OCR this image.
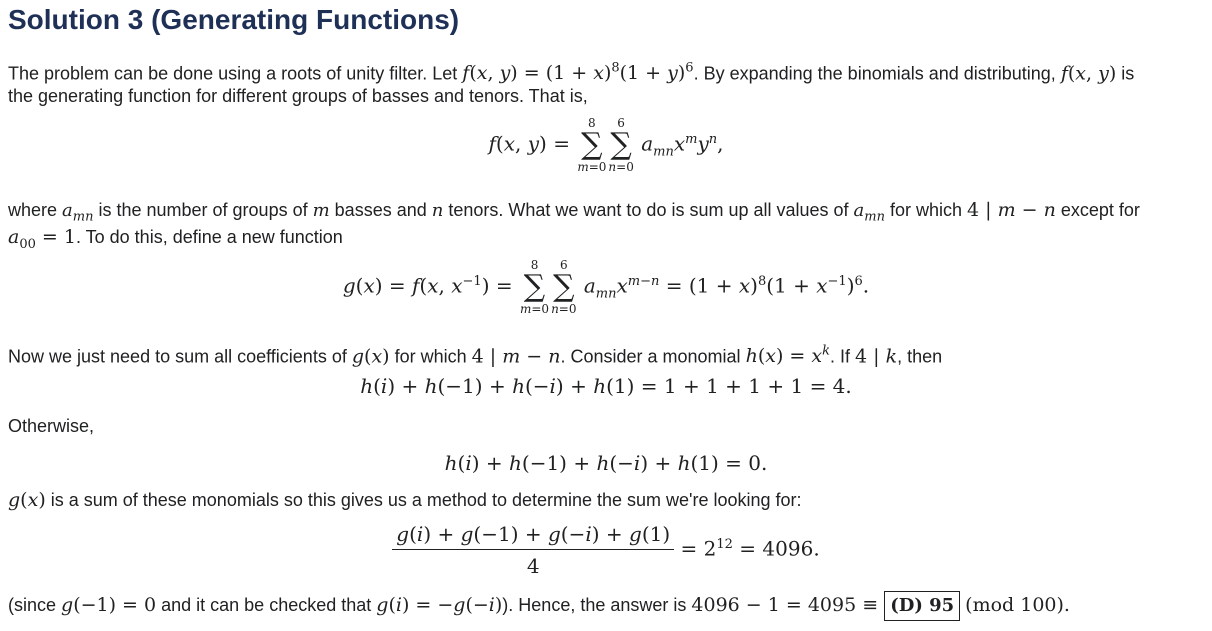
Solution 3 (Generating Functions)
The problem can be done using a roots of unity filter. Let f(x, $y) = (1 + x)^8(1 + y)^6$. By expanding the binomials and distributing, f(x, y) is
the generating function for different groups of basses and tenors. That is,
f(x, y) =
8
∑
m=0
6
∑
n=0
$a_{mn}x^my^n$,
where $a_{mn}$ is the number of groups of m basses and n tenors. What we want to do is sum up all values of $a_{mn}$ for which 4 | m − n except for
$a_{00} = 1$. To do this, define a new function
g(x) = f(x, $x^{-1}$) =
8
∑
m=0
6
∑
n=0
$a_{mn}x^{m-n} = (1 + x)^8(1 + x^{-1})^6$.
Now we just need to sum all coefficients of g(x) for which 4 | m − n. Consider a monomial $h(x) = x^k$. If 4 | k, then
h(i) + h(−1) + h(−i) + h(1) = 1 + 1 + 1 + 1 = 4.
Otherwise,
h(i) + h(−1) + h(−i) + h(1) = 0.
g(x) is a sum of these monomials so this gives us a method to determine the sum we're looking for:
$\frac{g(i) + g(-1) + g(-i) + g(1)}{4} = 2^{12} = 4096$.
(since g(−1) = 0 and it can be checked that g(i) = −g(−i)). Hence, the answer is 4096 − 1 = 4095 ≡ (D) 95 (mod 100).
